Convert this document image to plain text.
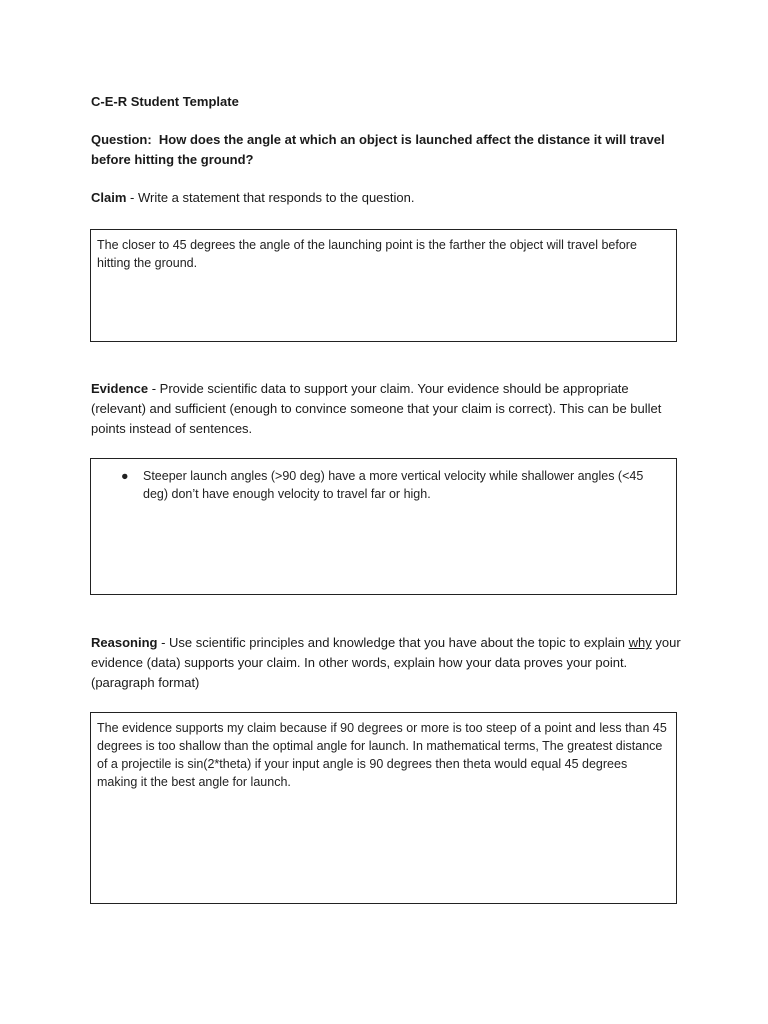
C-E-R Student Template
Question: How does the angle at which an object is launched affect the distance it will travel before hitting the ground?
Claim - Write a statement that responds to the question.
The closer to 45 degrees the angle of the launching point is the farther the object will travel before hitting the ground.
Evidence - Provide scientific data to support your claim. Your evidence should be appropriate (relevant) and sufficient (enough to convince someone that your claim is correct). This can be bullet points instead of sentences.
● Steeper launch angles (>90 deg) have a more vertical velocity while shallower angles (<45 deg) don’t have enough velocity to travel far or high.
Reasoning - Use scientific principles and knowledge that you have about the topic to explain why your evidence (data) supports your claim. In other words, explain how your data proves your point. (paragraph format)
The evidence supports my claim because if 90 degrees or more is too steep of a point and less than 45 degrees is too shallow than the optimal angle for launch. In mathematical terms, The greatest distance of a projectile is sin(2*theta) if your input angle is 90 degrees then theta would equal 45 degrees making it the best angle for launch.
